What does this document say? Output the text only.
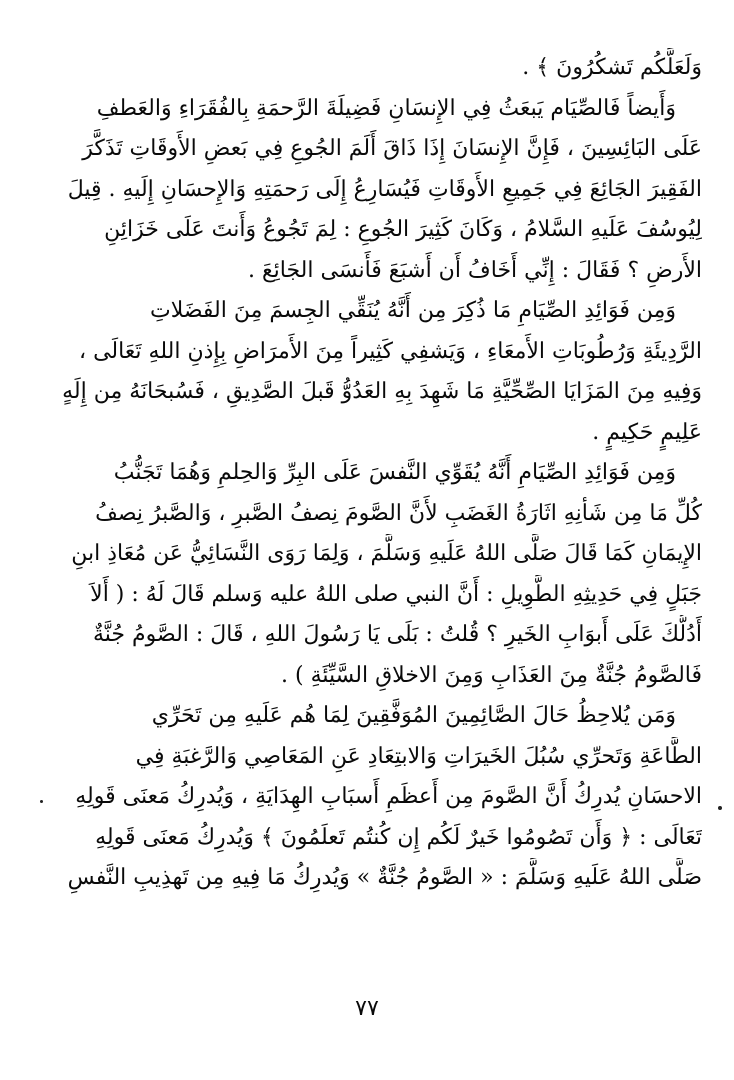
وَلَعَلَّكُم تَشكُرُونَ ﴾ .
وَأَيضاً فَالصِّيَام يَبعَثُ فِي الإِنسَانِ فَضِيلَةَ الرَّحمَةِ بِالفُقَرَاءِ وَالعَطفِ
عَلَى البَائِسِينَ ، فَإِنَّ الإِنسَانَ إِذَا ذَاقَ أَلَمَ الجُوعِ فِي بَعضِ الأَوقَاتِ تَذَكَّرَ
الفَقِيرَ الجَائِعَ فِي جَمِيعِ الأَوقَاتِ فَيُسَارِعُ إِلَى رَحمَتِهِ وَالإِحسَانِ إِلَيهِ . قِيلَ
لِيُوسُفَ عَلَيهِ السَّلامُ ، وَكَانَ كَثِيرَ الجُوعِ : لِمَ تَجُوعُ وَأَنتَ عَلَى خَزَائِنِ
الأَرضِ ؟ فَقَالَ : إِنِّي أَخَافُ أَن أَشبَعَ فَأَنسَى الجَائِعَ .
وَمِن فَوَائِدِ الصِّيَامِ مَا ذُكِرَ مِن أَنَّهُ يُنَقِّي الجِسمَ مِنَ الفَضَلاتِ
الرَّدِيئَةِ وَرُطُوبَاتِ الأَمعَاءِ ، وَيَشفِي كَثِيراً مِنَ الأَمرَاضِ بِإِذنِ اللهِ تَعَالَى ،
وَفِيهِ مِنَ المَزَايَا الصِّحِّيَّةِ مَا شَهِدَ بِهِ العَدُوُّ قَبلَ الصَّدِيقِ ، فَسُبحَانَهُ مِن إِلَهٍ
عَلِيمٍ حَكِيمٍ .
وَمِن فَوَائِدِ الصِّيَامِ أَنَّهُ يُقَوِّي النَّفسَ عَلَى البِرِّ وَالحِلمِ وَهُمَا تَجَنُّبُ
كُلِّ مَا مِن شَأنِهِ اثَارَةُ الغَضَبِ لأَنَّ الصَّومَ نِصفُ الصَّبرِ ، وَالصَّبرُ نِصفُ
الإِيمَانِ كَمَا قَالَ صَلَّى اللهُ عَلَيهِ وَسَلَّمَ ، وَلِمَا رَوَى النَّسَائِيُّ عَن مُعَاذِ ابنِ
جَبَلٍ فِي حَدِيثِهِ الطَّوِيلِ : أَنَّ النبي صلى اللهُ عليه وَسلم قَالَ لَهُ : ( أَلاَ
أَدُلُّكَ عَلَى أَبوَابِ الخَيرِ ؟ قُلتُ : بَلَى يَا رَسُولَ اللهِ ، قَالَ : الصَّومُ جُنَّةٌ
فَالصَّومُ جُنَّةٌ مِنَ العَذَابِ وَمِنَ الاخلاقِ السَّيِّئَةِ ) .
وَمَن يُلاحِظُ حَالَ الصَّائِمِينَ المُوَفَّقِينَ لِمَا هُم عَلَيهِ مِن تَحَرِّي
الطَّاعَةِ وَتَحرِّي سُبُلَ الخَيرَاتِ وَالابتِعَادِ عَنِ المَعَاصِي وَالرَّغبَةِ فِي
الاحسَانِ يُدرِكُ أَنَّ الصَّومَ مِن أَعظَمِ أَسبَابِ الهِدَايَةِ ، وَيُدرِكُ مَعنَى قَولِهِ
تَعَالَى : ﴿ وَأَن تَصُومُوا خَيرٌ لَكُم إِن كُنتُم تَعلَمُونَ ﴾ وَيُدرِكُ مَعنَى قَولِهِ
صَلَّى اللهُ عَلَيهِ وَسَلَّمَ : « الصَّومُ جُنَّةٌ » وَيُدرِكُ مَا فِيهِ مِن تَهذِيبِ النَّفسِ
٧٧
